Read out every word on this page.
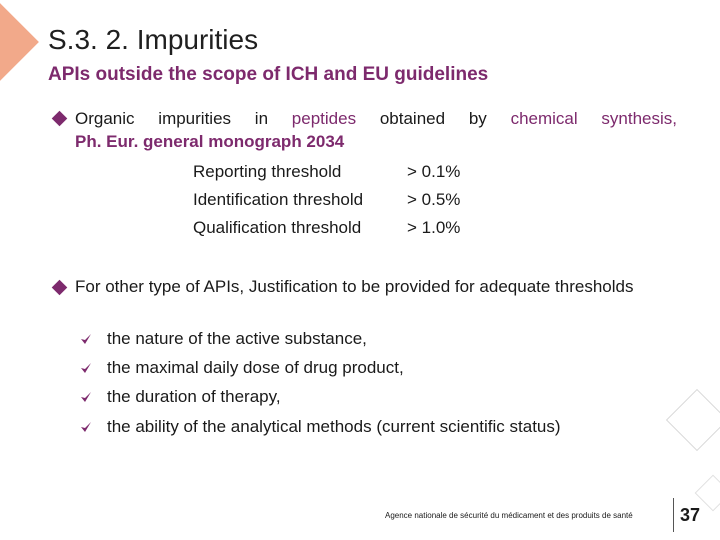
S.3. 2. Impurities
APIs outside the scope of ICH and EU guidelines
Organic impurities in peptides obtained by chemical synthesis,
Ph. Eur. general monograph 2034
Reporting threshold	> 0.1%
Identification threshold	> 0.5%
Qualification threshold	> 1.0%
For other type of APIs, Justification to be provided for adequate thresholds
the nature of the active substance,
the maximal daily dose of drug product,
the duration of therapy,
the ability of the analytical methods (current scientific status)
Agence nationale de sécurité du médicament et des produits de santé	37
